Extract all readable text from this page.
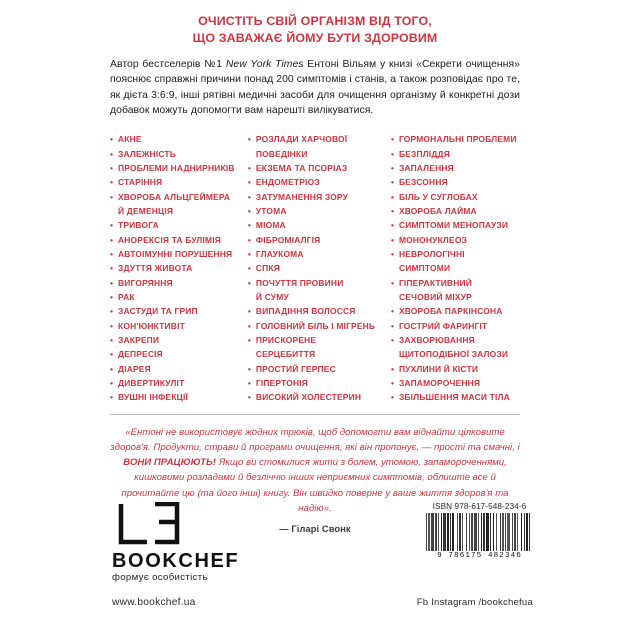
ОЧИСТІТЬ СВІЙ ОРГАНІЗМ ВІД ТОГО,
ЩО ЗАВАЖАЄ ЙОМУ БУТИ ЗДОРОВИМ

Автор бестселерів №1 New York Times Ентоні Вільям у книзі «Секрети очищення» пояснює справжні причини понад 200 симптомів і станів, а також розповідає про те, як дієта 3:6:9, інші рятівні медичні засоби для очищення організму й конкретні дози добавок можуть допомогти вам нарешті вилікуватися.

• АКНЕ
• ЗАЛЕЖНІСТЬ
• ПРОБЛЕМИ НАДНИРНИКІВ
• СТАРІННЯ
• ХВОРОБА АЛЬЦГЕЙМЕРА
Й ДЕМЕНЦІЯ
• ТРИВОГА
• АНОРЕКСІЯ ТА БУЛІМІЯ
• АВТОІМУННІ ПОРУШЕННЯ
• ЗДУТТЯ ЖИВОТА
• ВИГОРЯННЯ
• РАК
• ЗАСТУДИ ТА ГРИП
• КОН'ЮНКТИВІТ
• ЗАКРЕПИ
• ДЕПРЕСІЯ
• ДІАРЕЯ
• ДИВЕРТИКУЛІТ
• ВУШНІ ІНФЕКЦІЇ
• РОЗЛАДИ ХАРЧОВОЇ
ПОВЕДІНКИ
• ЕКЗЕМА ТА ПСОРІАЗ
• ЕНДОМЕТРІОЗ
• ЗАТУМАНЕННЯ ЗОРУ
• УТОМА
• МІОМА
• ФІБРОМІАЛГІЯ
• ГЛАУКОМА
• СПКЯ
• ПОЧУТТЯ ПРОВИНИ
Й СУМУ
• ВИПАДІННЯ ВОЛОССЯ
• ГОЛОВНИЙ БІЛЬ І МІГРЕНЬ
• ПРИСКОРЕНЕ
СЕРЦЕБИТТЯ
• ПРОСТИЙ ГЕРПЕС
• ГІПЕРТОНІЯ
• ВИСОКИЙ ХОЛЕСТЕРИН
• ГОРМОНАЛЬНІ ПРОБЛЕМИ
• БЕЗПЛІДДЯ
• ЗАПАЛЕННЯ
• БЕЗСОННЯ
• БІЛЬ У СУГЛОБАХ
• ХВОРОБА ЛАЙМА
• СИМПТОМИ МЕНОПАУЗИ
• МОНОНУКЛЕОЗ
• НЕВРОЛОГІЧНІ
СИМПТОМИ
• ГІПЕРАКТИВНИЙ
СЕЧОВИЙ МІХУР
• ХВОРОБА ПАРКІНСОНА
• ГОСТРИЙ ФАРИНГІТ
• ЗАХВОРЮВАННЯ
ЩИТОПОДІБНОЇ ЗАЛОЗИ
• ПУХЛИНИ Й КІСТИ
• ЗАПАМОРОЧЕННЯ
• ЗБІЛЬШЕННЯ МАСИ ТІЛА

«Ентоні не використовує жодних трюків, щоб допомогти вам віднайти цілковите здоров'я. Продукти, страви й програми очищення, які він пропонує, — прості та смачні, і ВОНИ ПРАЦЮЮТЬ! Якщо ви стомилися жити з болем, утомою, запамороченнями, кишковими розладами й безліччю інших неприємних симптомів, облиште все й прочитайте цю (та його інші) книгу. Він швидко поверне у ваше життя здоров'я та надію».

— Гіларі Свонк

BOOKCHEF
формує особистість
ISBN 978-617-548-234-6
9 786175 482346
www.bookchef.ua	Fb Instagram /bookchefua
